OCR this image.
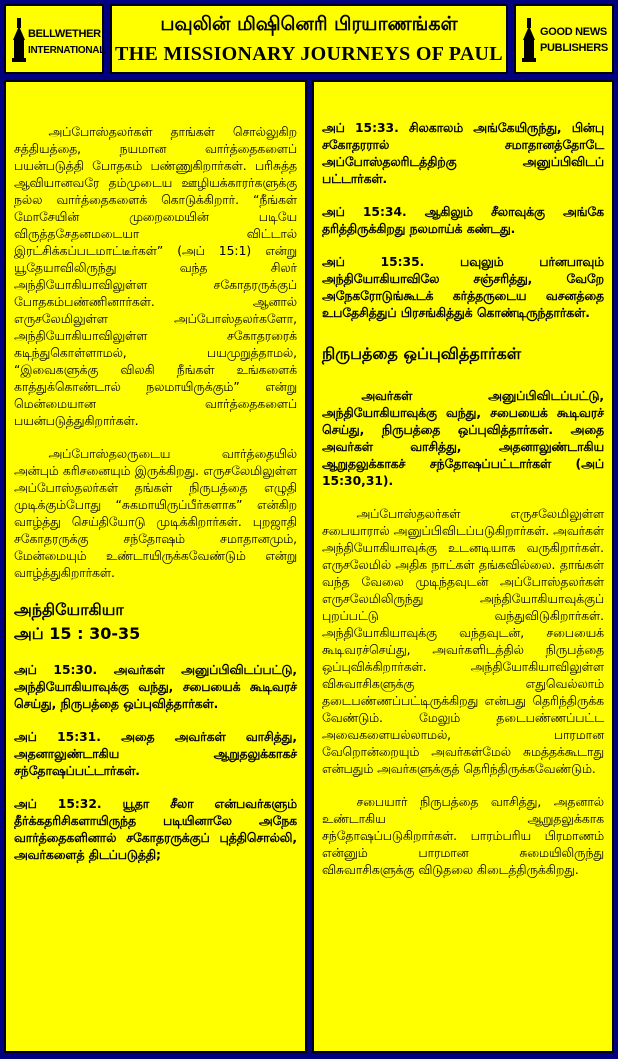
BELLWETHER
INTERNATIONAL
பவுலின் மிஷினெரி பிரயாணங்கள்
THE MISSIONARY JOURNEYS OF PAUL
GOOD NEWS
PUBLISHERS

அப்போஸ்தலர்கள் தாங்கள் சொல்லுகிற சத்தியத்தை, நயமான வார்த்தைகளைப் பயன்படுத்தி போதகம் பண்ணுகிறார்கள். பரிசுத்த ஆவியானவரே தம்முடைய ஊழியக்காரர்களுக்கு நல்ல வார்த்தைகளைக் கொடுக்கிறார். “நீங்கள் மோசேயின் முறைமையின் படியே விருத்தசேதனமடையா விட்டால் இரட்சிக்கப்படமாட்டீர்கள்” (அப் 15:1) என்று யூதேயாவிலிருந்து வந்த சிலர் அந்தியோகியாவிலுள்ள சகோதரருக்குப் போதகம்பண்ணினார்கள். ஆனால் எருசலேமிலுள்ள அப்போஸ்தலர்களோ, அந்தியோகியாவிலுள்ள சகோதரரைக் கடிந்துகொள்ளாமல், பயமுறுத்தாமல், “இவைகளுக்கு விலகி நீங்கள் உங்களைக் காத்துக்கொண்டால் நலமாயிருக்கும்” என்று மென்மையான வார்த்தைகளைப் பயன்படுத்துகிறார்கள்.

அப்போஸ்தலருடைய வார்த்தையில் அன்பும் கரிசனையும் இருக்கிறது. எருசலேமிலுள்ள அப்போஸ்தலர்கள் தங்கள் நிருபத்தை எழுதி முடிக்கும்போது “சுகமாயிருப்பீர்களாக” என்கிற வாழ்த்து செய்தியோடு முடிக்கிறார்கள். புறஜாதி சகோதரருக்கு சந்தோஷம் சமாதானமும், மேன்மையும் உண்டாயிருக்கவேண்டும் என்று வாழ்த்துகிறார்கள்.

அந்தியோகியா
அப் 15 : 30-35

அப் 15:30. அவர்கள் அனுப்பிவிடப்பட்டு, அந்தியோகியாவுக்கு வந்து, சபையைக் கூடிவரச் செய்து, நிருபத்தை ஒப்புவித்தார்கள்.

அப் 15:31. அதை அவர்கள் வாசித்து, அதனாலுண்டாகிய ஆறுதலுக்காகச் சந்தோஷப்பட்டார்கள்.

அப் 15:32. யூதா சீலா என்பவர்களும் தீர்க்கதரிசிகளாயிருந்த படியினாலே அநேக வார்த்தைகளினால் சகோதரருக்குப் புத்திசொல்லி, அவர்களைத் திடப்படுத்தி;

அப் 15:33. சிலகாலம் அங்கேயிருந்து, பின்பு சகோதரரால் சமாதானத்தோடே அப்போஸ்தலரிடத்திற்கு அனுப்பிவிடப் பட்டார்கள்.

அப் 15:34. ஆகிலும் சீலாவுக்கு அங்கே தரித்திருக்கிறது நலமாய்க் கண்டது.

அப் 15:35. பவுலும் பர்னபாவும் அந்தியோகியாவிலே சஞ்சரித்து, வேறே அநேகரோடுங்கூடக் கர்த்தருடைய வசனத்தை உபதேசித்துப் பிரசங்கித்துக் கொண்டிருந்தார்கள்.

நிருபத்தை ஒப்புவித்தார்கள்

அவர்கள் அனுப்பிவிடப்பட்டு, அந்தியோகியாவுக்கு வந்து, சபையைக் கூடிவரச் செய்து, நிருபத்தை ஒப்புவித்தார்கள். அதை அவர்கள் வாசித்து, அதனாலுண்டாகிய ஆறுதலுக்காகச் சந்தோஷப்பட்டார்கள் (அப் 15:30,31).

அப்போஸ்தலர்கள் எருசலேமிலுள்ள சபையாரால் அனுப்பிவிடப்படுகிறார்கள். அவர்கள் அந்தியோகியாவுக்கு உடனடியாக வருகிறார்கள். எருசலேமில் அதிக நாட்கள் தங்கவில்லை. தாங்கள் வந்த வேலை முடிந்தவுடன் அப்போஸ்தலர்கள் எருசலேமிலிருந்து அந்தியோகியாவுக்குப் புறப்பட்டு வந்துவிடுகிறார்கள். அந்தியோகியாவுக்கு வந்தவுடன், சபையைக் கூடிவரச்செய்து, அவர்களிடத்தில் நிருபத்தை ஒப்புவிக்கிறார்கள். அந்தியோகியாவிலுள்ள விசுவாசிகளுக்கு எதுவெல்லாம் தடைபண்ணப்பட்டிருக்கிறது என்பது தெரிந்திருக்க வேண்டும். மேலும் தடைபண்ணப்பட்ட அவைகளையல்லாமல், பாரமான வேறொன்றையும் அவர்கள்மேல் சுமத்தக்கூடாது என்பதும் அவர்களுக்குத் தெரிந்திருக்கவேண்டும்.

சபையார் நிருபத்தை வாசித்து, அதனால் உண்டாகிய ஆறுதலுக்காக சந்தோஷப்படுகிறார்கள். பாரம்பரிய பிரமாணம் என்னும் பாரமான சுமையிலிருந்து விசுவாசிகளுக்கு விடுதலை கிடைத்திருக்கிறது.
